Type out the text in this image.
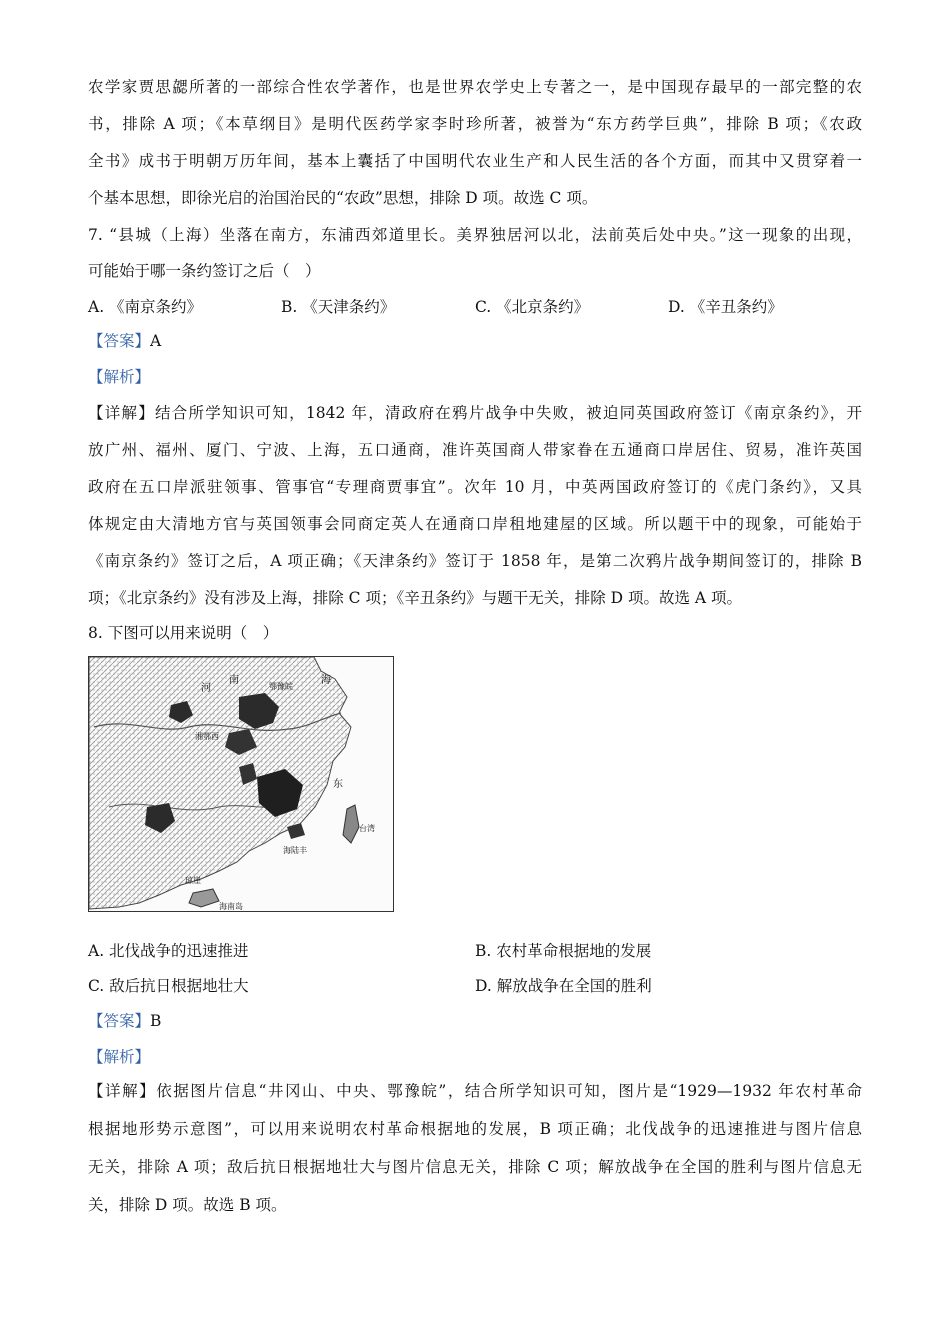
农学家贾思勰所著的一部综合性农学著作，也是世界农学史上专著之一，是中国现存最早的一部完整的农
书，排除 A 项；《本草纲目》是明代医药学家李时珍所著，被誉为“东方药学巨典”，排除 B 项；《农政
全书》成书于明朝万历年间，基本上囊括了中国明代农业生产和人民生活的各个方面，而其中又贯穿着一
个基本思想，即徐光启的治国治民的“农政”思想，排除 D 项。故选 C 项。
7. “县城（上海）坐落在南方，东浦西郊道里长。美界独居河以北，法前英后处中央。”这一现象的出现，
可能始于哪一条约签订之后（　）
A. 《南京条约》	B. 《天津条约》	C. 《北京条约》	D. 《辛丑条约》
【答案】A
【解析】
【详解】结合所学知识可知，1842 年，清政府在鸦片战争中失败，被迫同英国政府签订《南京条约》，开
放广州、福州、厦门、宁波、上海，五口通商，准许英国商人带家眷在五通商口岸居住、贸易，准许英国
政府在五口岸派驻领事、管事官“专理商贾事宜”。次年 10 月，中英两国政府签订的《虎门条约》，又具
体规定由大清地方官与英国领事会同商定英人在通商口岸租地建屋的区域。所以题干中的现象，可能始于
《南京条约》签订之后，A 项正确；《天津条约》签订于 1858 年，是第二次鸦片战争期间签订的，排除 B
项；《北京条约》没有涉及上海，排除 C 项；《辛丑条约》与题干无关，排除 D 项。故选 A 项。
8. 下图可以用来说明（　）
河
南	海
东
台湾
海南岛
湘鄂西
鄂豫皖
海陆丰
琼崖
A. 北伐战争的迅速推进	B. 农村革命根据地的发展
C. 敌后抗日根据地壮大	D. 解放战争在全国的胜利
【答案】B
【解析】
【详解】依据图片信息“井冈山、中央、鄂豫皖”，结合所学知识可知，图片是“1929—1932 年农村革命
根据地形势示意图”，可以用来说明农村革命根据地的发展，B 项正确；北伐战争的迅速推进与图片信息
无关，排除 A 项；敌后抗日根据地壮大与图片信息无关，排除 C 项；解放战争在全国的胜利与图片信息无
关，排除 D 项。故选 B 项。
